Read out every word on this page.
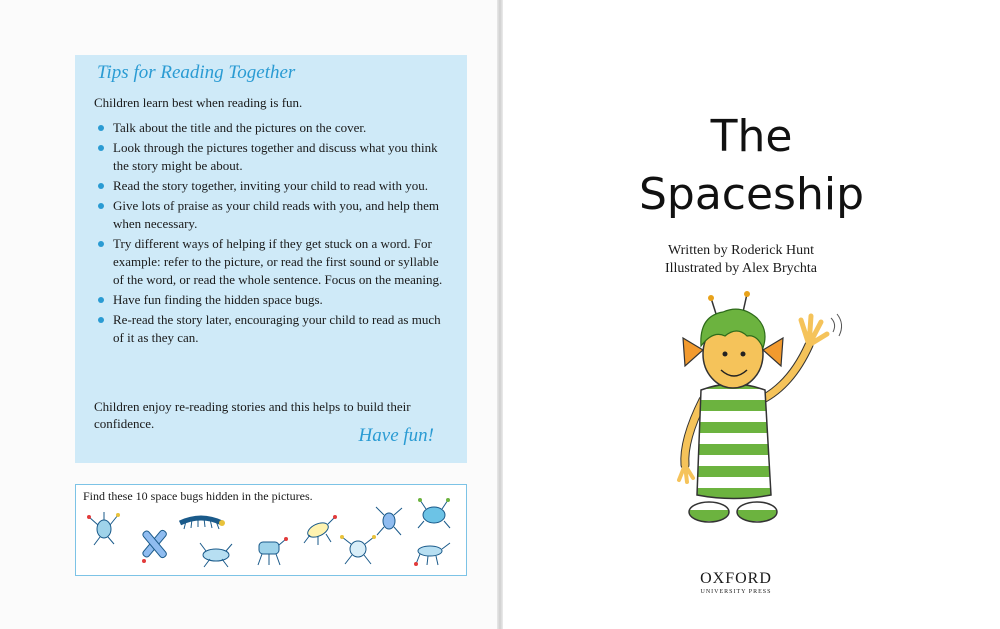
Tips for Reading Together
Children learn best when reading is fun.
Talk about the title and the pictures on the cover.
Look through the pictures together and discuss what you think the story might be about.
Read the story together, inviting your child to read with you.
Give lots of praise as your child reads with you, and help them when necessary.
Try different ways of helping if they get stuck on a word. For example: refer to the picture, or read the first sound or syllable of the word, or read the whole sentence. Focus on the meaning.
Have fun finding the hidden space bugs.
Re-read the story later, encouraging your child to read as much of it as they can.
Children enjoy re-reading stories and this helps to build their confidence.
Have fun!
Find these 10 space bugs hidden in the pictures.
The
Spaceship
Written by Roderick Hunt
Illustrated by Alex Brychta
OXFORD
UNIVERSITY PRESS
